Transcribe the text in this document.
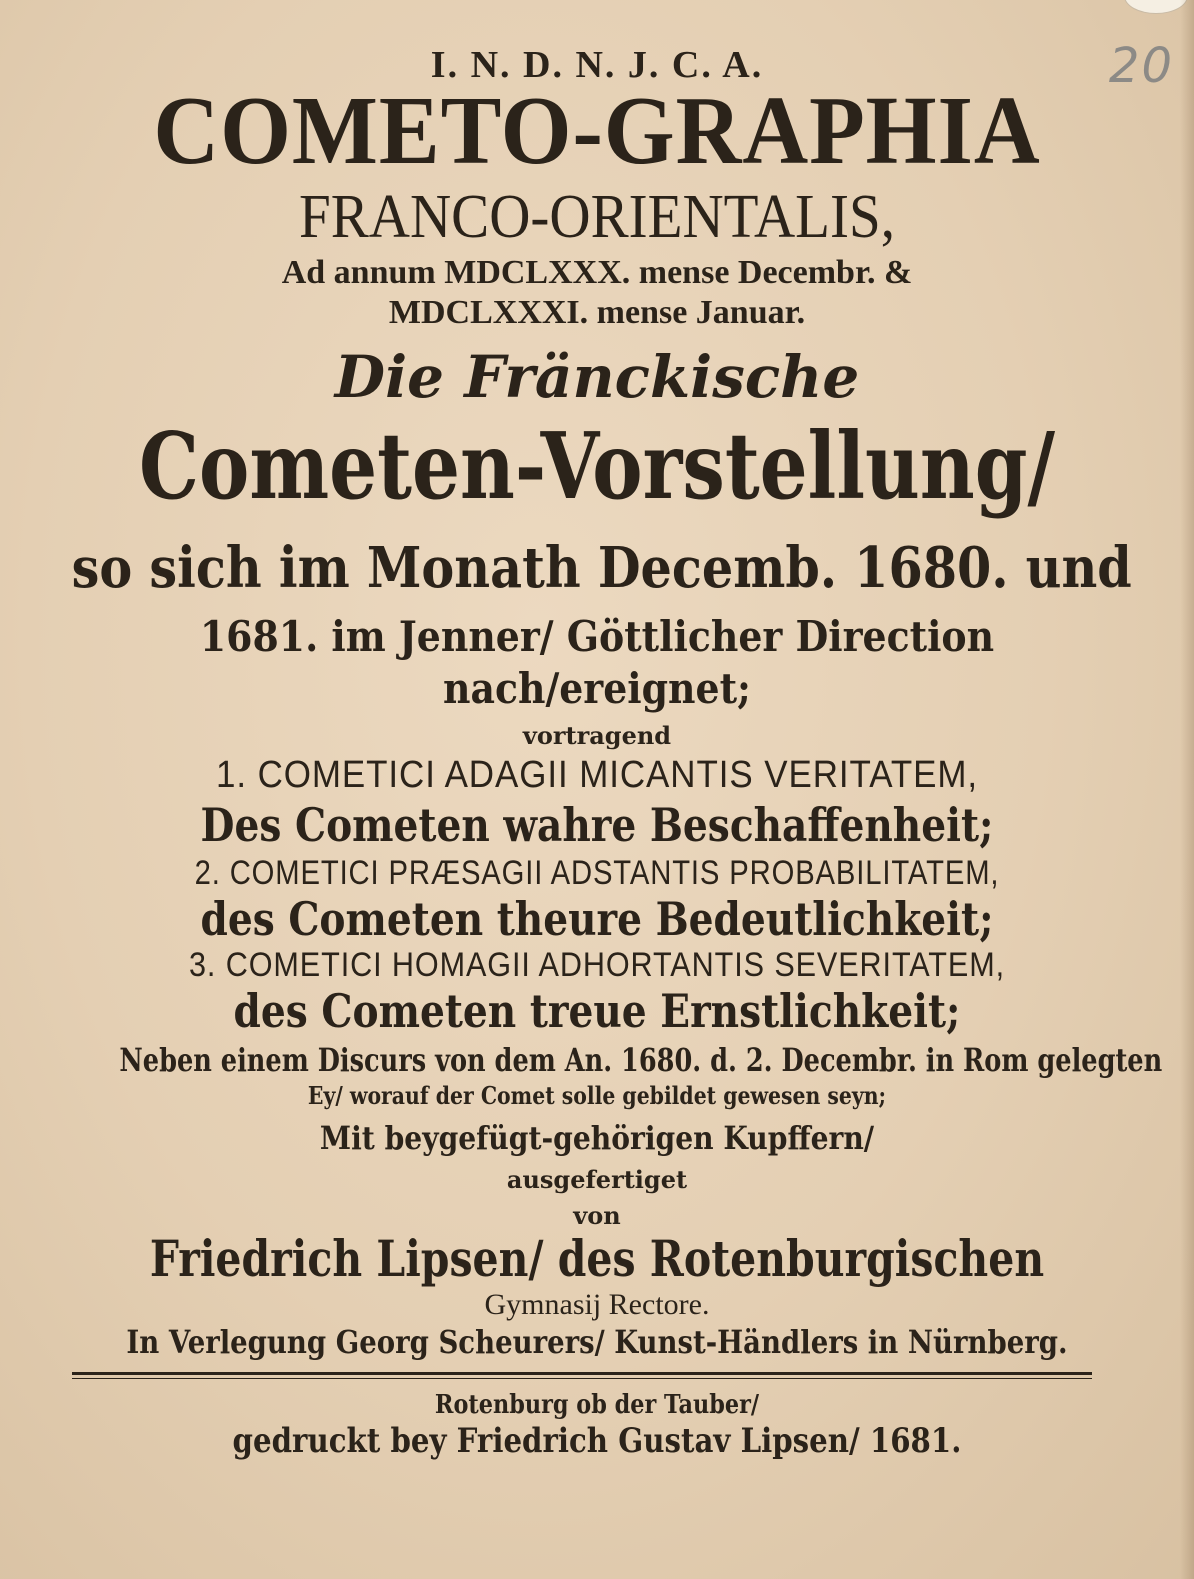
20
I. N. D. N. J. C. A.
COMETO-GRAPHIA
FRANCO-ORIENTALIS,
Ad annum MDCLXXX. mense Decembr. &
MDCLXXXI. mense Januar.
Die Fränckische
Cometen-Vorstellung/
so sich im Monath Decemb. 1680. und
1681. im Jenner/ Göttlicher Direction
nach/ereignet;
vortragend
1. COMETICI ADAGII MICANTIS VERITATEM,
Des Cometen wahre Beschaffenheit;
2. COMETICI PRÆSAGII ADSTANTIS PROBABILITATEM,
des Cometen theure Bedeutlichkeit;
3. COMETICI HOMAGII ADHORTANTIS SEVERITATEM,
des Cometen treue Ernstlichkeit;
Neben einem Discurs von dem An. 1680. d. 2. Decembr. in Rom gelegten
Ey/ worauf der Comet solle gebildet gewesen seyn;
Mit beygefügt-gehörigen Kupffern/
ausgefertiget
von
Friedrich Lipsen/ des Rotenburgischen
Gymnasij Rectore.
In Verlegung Georg Scheurers/ Kunst-Händlers in Nürnberg.
Rotenburg ob der Tauber/
gedruckt bey Friedrich Gustav Lipsen/ 1681.
